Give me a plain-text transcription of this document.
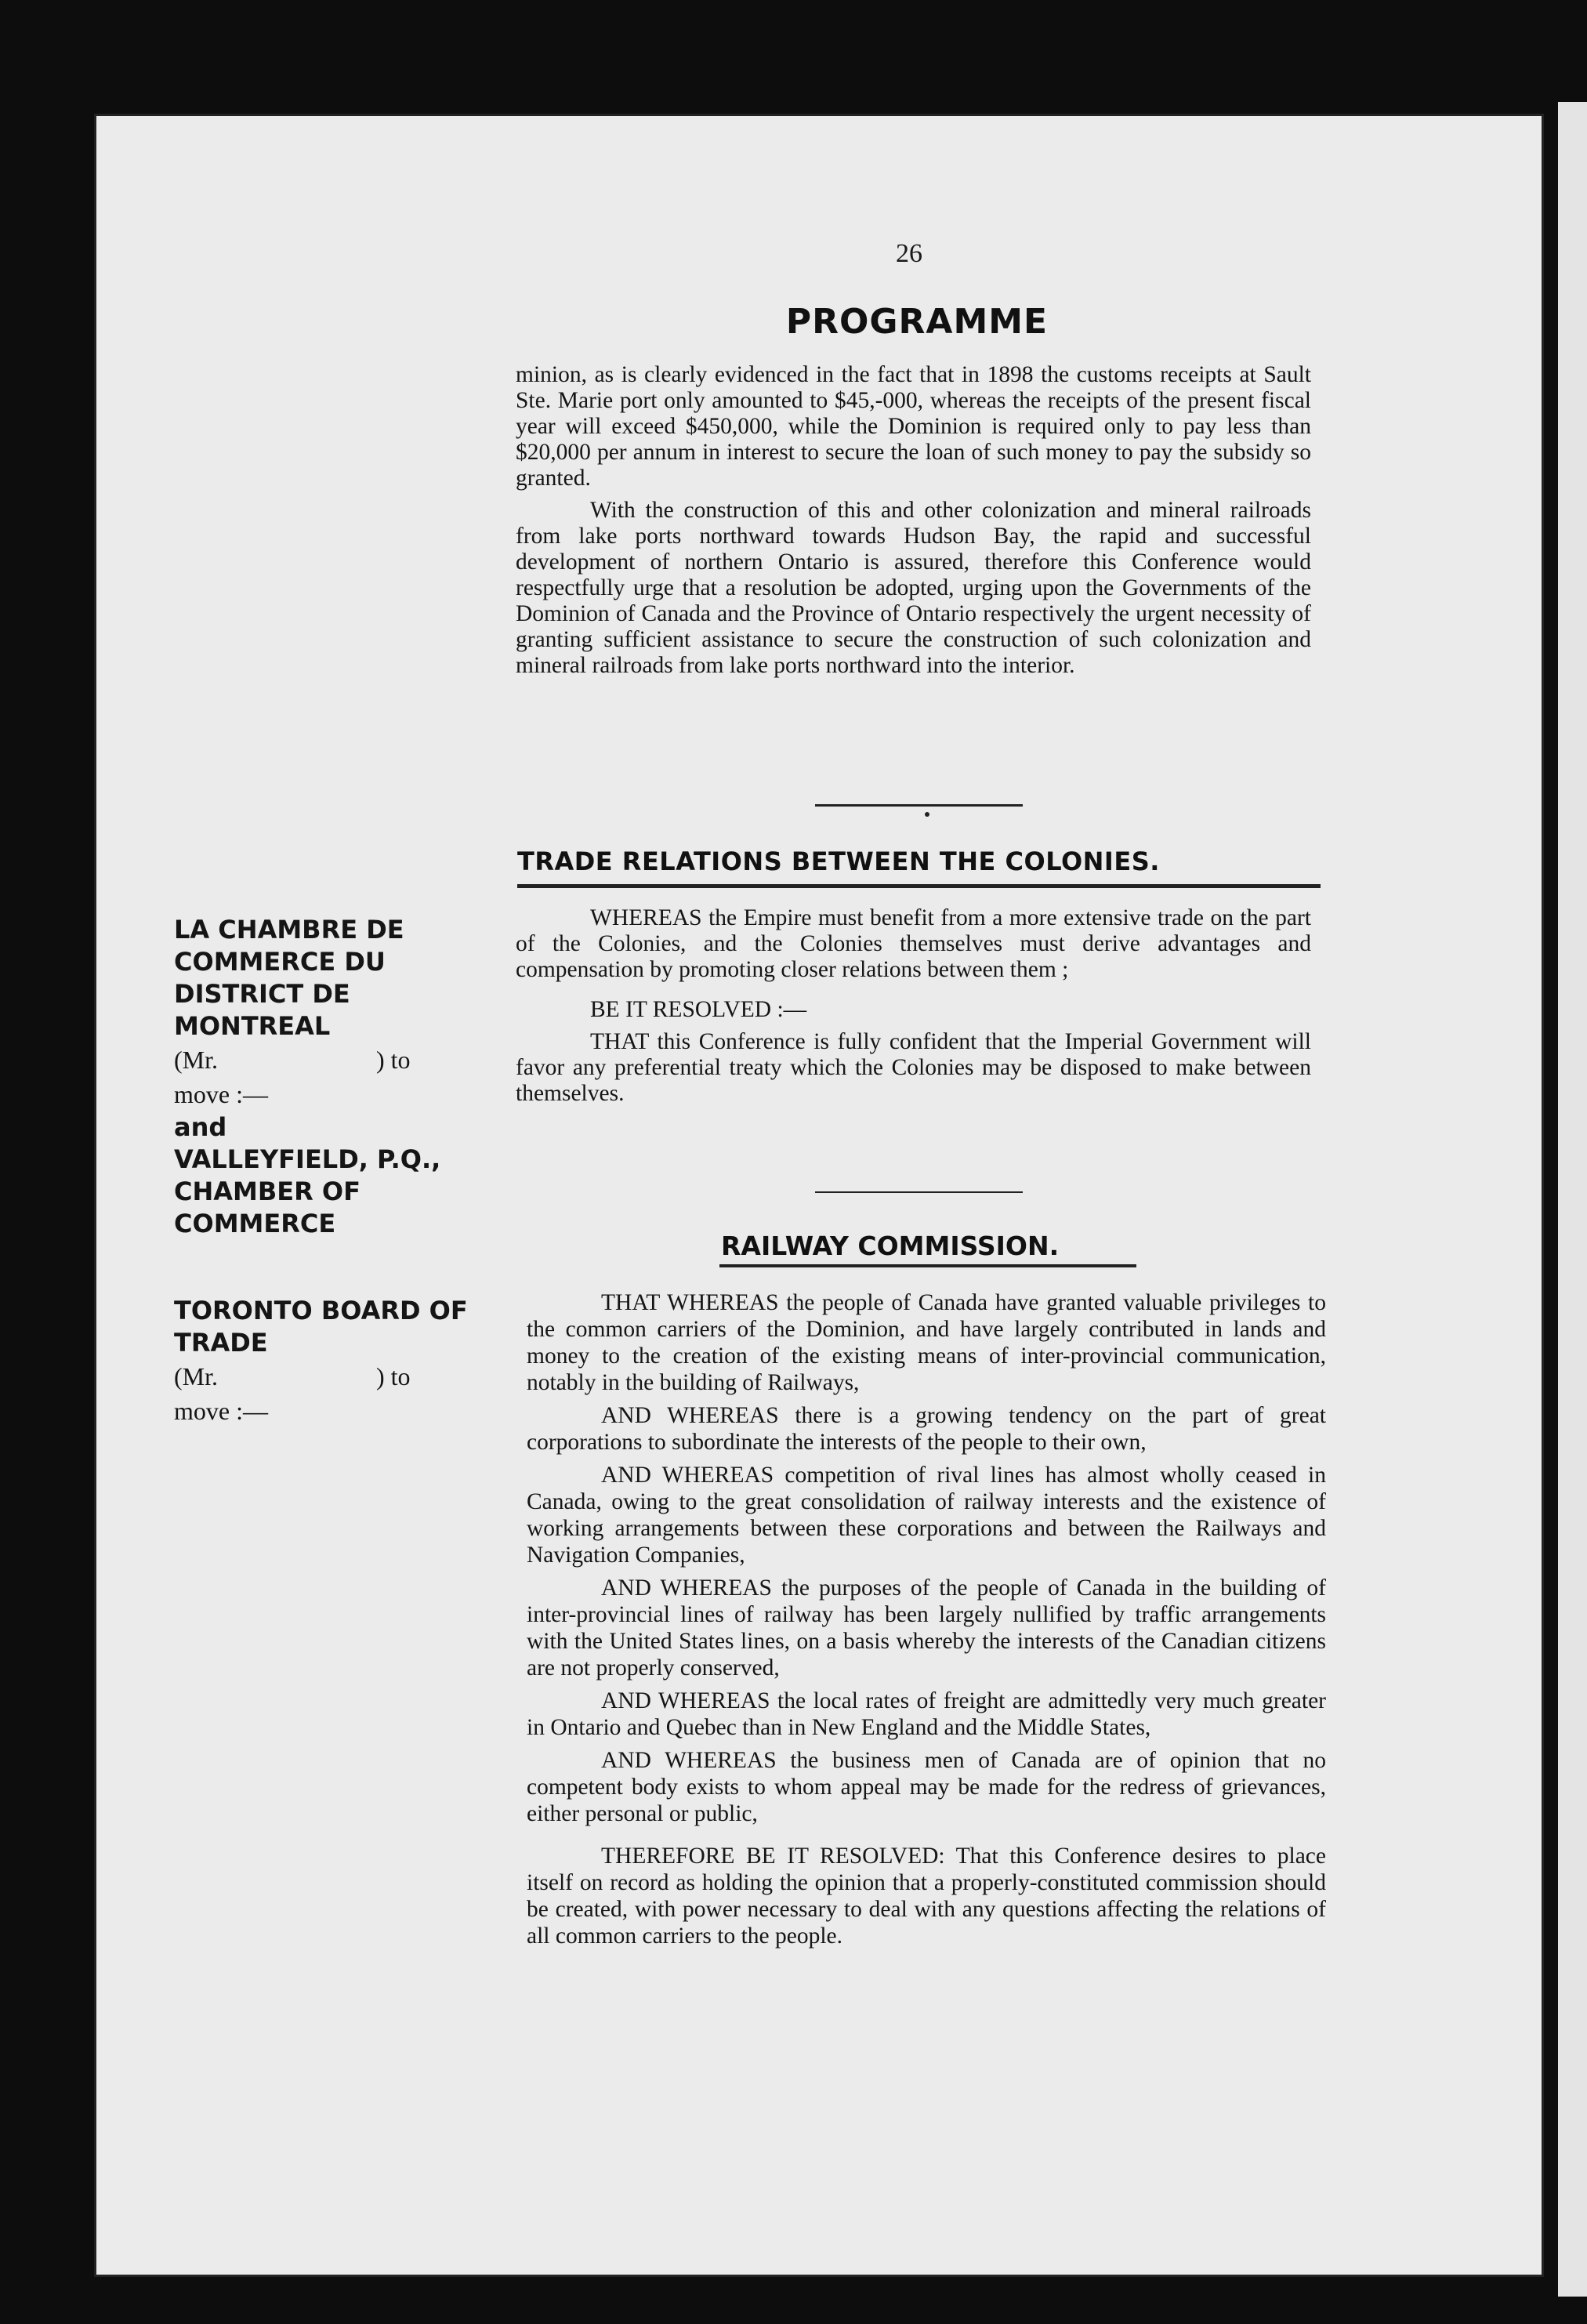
26
PROGRAMME

minion, as is clearly evidenced in the fact that in 1898 the customs receipts at Sault Ste. Marie port only amounted to $45,-000, whereas the receipts of the present fiscal year will exceed $450,000, while the Dominion is required only to pay less than $20,000 per annum in interest to secure the loan of such money to pay the subsidy so granted.

With the construction of this and other colonization and mineral railroads from lake ports northward towards Hudson Bay, the rapid and successful development of northern Ontario is assured, therefore this Conference would respectfully urge that a resolution be adopted, urging upon the Governments of the Dominion of Canada and the Province of Ontario respectively the urgent necessity of granting sufficient assistance to secure the construction of such colonization and mineral railroads from lake ports northward into the interior.

TRADE RELATIONS BETWEEN THE COLONIES.

LA CHAMBRE DE

COMMERCE DU

DISTRICT DE

MONTREAL

(Mr.	) to

move :—

and

VALLEYFIELD, P.Q.,

CHAMBER OF

COMMERCE

WHEREAS the Empire must benefit from a more extensive trade on the part of the Colonies, and the Colonies themselves must derive advantages and compensation by promoting closer relations between them ;

BE IT RESOLVED :—

THAT this Conference is fully confident that the Imperial Government will favor any preferential treaty which the Colonies may be disposed to make between themselves.

RAILWAY COMMISSION.

TORONTO BOARD OF

TRADE

(Mr.	) to

move :—

THAT WHEREAS the people of Canada have granted valuable privileges to the common carriers of the Dominion, and have largely contributed in lands and money to the creation of the existing means of inter-provincial communication, notably in the building of Railways,

AND WHEREAS there is a growing tendency on the part of great corporations to subordinate the interests of the people to their own,

AND WHEREAS competition of rival lines has almost wholly ceased in Canada, owing to the great consolidation of railway interests and the existence of working arrangements between these corporations and between the Railways and Navigation Companies,

AND WHEREAS the purposes of the people of Canada in the building of inter-provincial lines of railway has been largely nullified by traffic arrangements with the United States lines, on a basis whereby the interests of the Canadian citizens are not properly conserved,

AND WHEREAS the local rates of freight are admittedly very much greater in Ontario and Quebec than in New England and the Middle States,

AND WHEREAS the business men of Canada are of opinion that no competent body exists to whom appeal may be made for the redress of grievances, either personal or public,

THEREFORE BE IT RESOLVED: That this Conference desires to place itself on record as holding the opinion that a properly-constituted commission should be created, with power necessary to deal with any questions affecting the relations of all common carriers to the people.
